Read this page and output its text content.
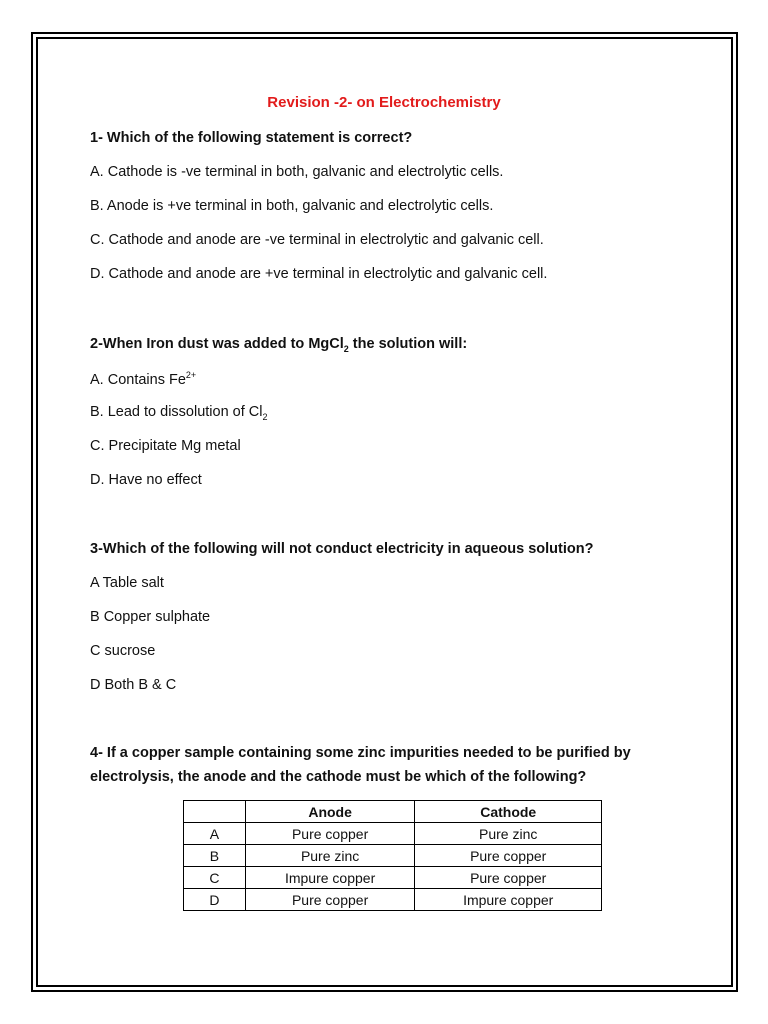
Revision -2- on Electrochemistry
1- Which of the following statement is correct?
A. Cathode is -ve terminal in both, galvanic and electrolytic cells.
B. Anode is +ve terminal in both, galvanic and electrolytic cells.
C. Cathode and anode are -ve terminal in electrolytic and galvanic cell.
D. Cathode and anode are +ve terminal in electrolytic and galvanic cell.
2-When Iron dust was added to MgCl$_2$ the solution will:
A. Contains $Fe^{2+}$
B. Lead to dissolution of $Cl_2$
C. Precipitate Mg metal
D. Have no effect
3-Which of the following will not conduct electricity in aqueous solution?
A Table salt
B Copper sulphate
C sucrose
D Both B & C
4- If a copper sample containing some zinc impurities needed to be purified by
electrolysis, the anode and the cathode must be which of the following?
	Anode	Cathode
A	Pure copper	Pure zinc
B	Pure zinc	Pure copper
C	Impure copper	Pure copper
D	Pure copper	Impure copper
